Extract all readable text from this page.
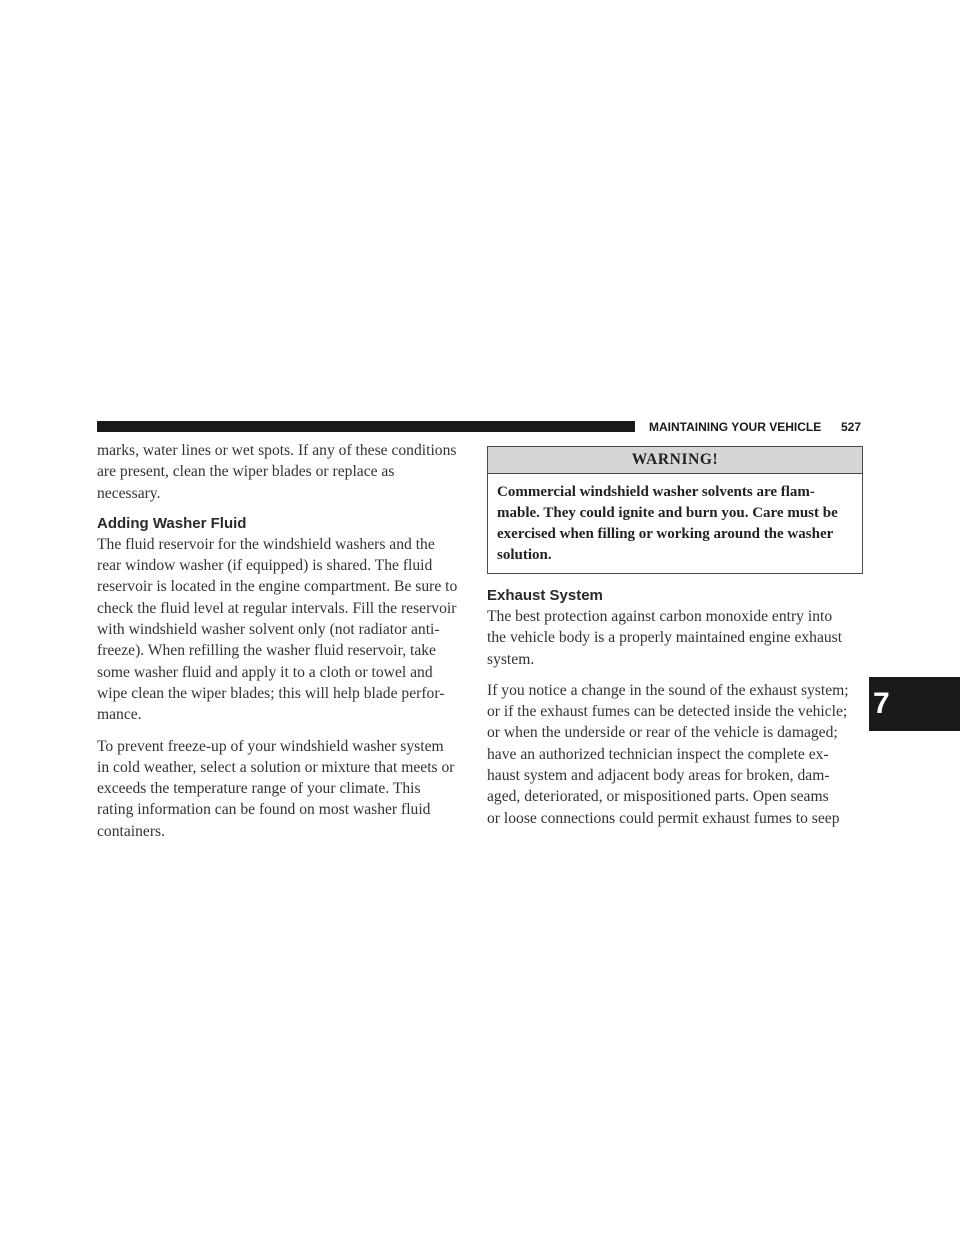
MAINTAINING YOUR VEHICLE 527

marks, water lines or wet spots. If any of these conditions
are present, clean the wiper blades or replace as
necessary.

Adding Washer Fluid

The fluid reservoir for the windshield washers and the
rear window washer (if equipped) is shared. The fluid
reservoir is located in the engine compartment. Be sure to
check the fluid level at regular intervals. Fill the reservoir
with windshield washer solvent only (not radiator anti-
freeze). When refilling the washer fluid reservoir, take
some washer fluid and apply it to a cloth or towel and
wipe clean the wiper blades; this will help blade perfor-
mance.

To prevent freeze-up of your windshield washer system
in cold weather, select a solution or mixture that meets or
exceeds the temperature range of your climate. This
rating information can be found on most washer fluid
containers.

WARNING!
Commercial windshield washer solvents are flam-
mable. They could ignite and burn you. Care must be
exercised when filling or working around the washer
solution.
Exhaust System

The best protection against carbon monoxide entry into
the vehicle body is a properly maintained engine exhaust
system.

If you notice a change in the sound of the exhaust system;
or if the exhaust fumes can be detected inside the vehicle;
or when the underside or rear of the vehicle is damaged;
have an authorized technician inspect the complete ex-
haust system and adjacent body areas for broken, dam-
aged, deteriorated, or mispositioned parts. Open seams
or loose connections could permit exhaust fumes to seep

7
